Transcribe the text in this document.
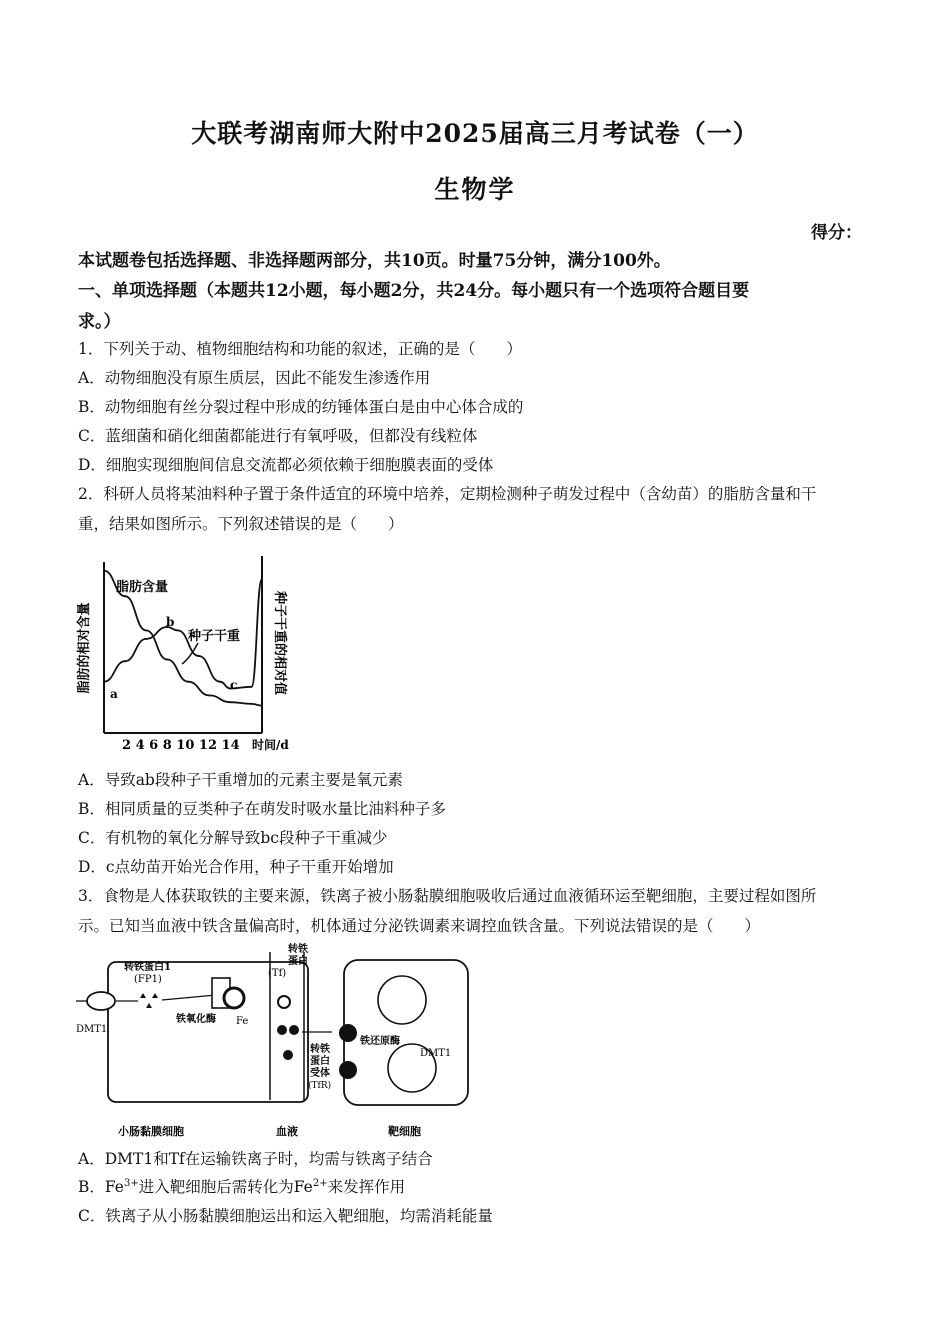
大联考湖南师大附中2025届高三月考试卷（一）
生物学
得分：
本试题卷包括选择题、非选择题两部分，共10页。时量75分钟，满分100外。
一、单项选择题（本题共12小题，每小题2分，共24分。每小题只有一个选项符合题目要
求。）
1．下列关于动、植物细胞结构和功能的叙述，正确的是（　　）
A．动物细胞没有原生质层，因此不能发生渗透作用
B．动物细胞有丝分裂过程中形成的纺锤体蛋白是由中心体合成的
C．蓝细菌和硝化细菌都能进行有氧呼吸，但都没有线粒体
D．细胞实现细胞间信息交流都必须依赖于细胞膜表面的受体
2．科研人员将某油料种子置于条件适宜的环境中培养，定期检测种子萌发过程中（含幼苗）的脂肪含量和干
重，结果如图所示。下列叙述错误的是（　　）
脂肪的相对含量	种子干重的相对值
脂肪含量
种子干重
a
b
c
2 4 6 8 10 12 14 时间/d
A．导致ab段种子干重增加的元素主要是氧元素
B．相同质量的豆类种子在萌发时吸水量比油料种子多
C．有机物的氧化分解导致bc段种子干重减少
D．c点幼苗开始光合作用，种子干重开始增加
3．食物是人体获取铁的主要来源，铁离子被小肠黏膜细胞吸收后通过血液循环运至靶细胞，主要过程如图所
示。已知当血液中铁含量偏高时，机体通过分泌铁调素来调控血铁含量。下列说法错误的是（　　）
转铁蛋白1
(FP1)
DMT1
铁氧化酶 Fe
转铁
蛋白
(Tf)
转铁
蛋白
受体
(TfR)
铁还原酶
DMT1
小肠黏膜细胞	血液	靶细胞
A．DMT1和Tf在运输铁离子时，均需与铁离子结合
B．$Fe^{3+}$进入靶细胞后需转化为$Fe^{2+}$来发挥作用
C．铁离子从小肠黏膜细胞运出和运入靶细胞，均需消耗能量
